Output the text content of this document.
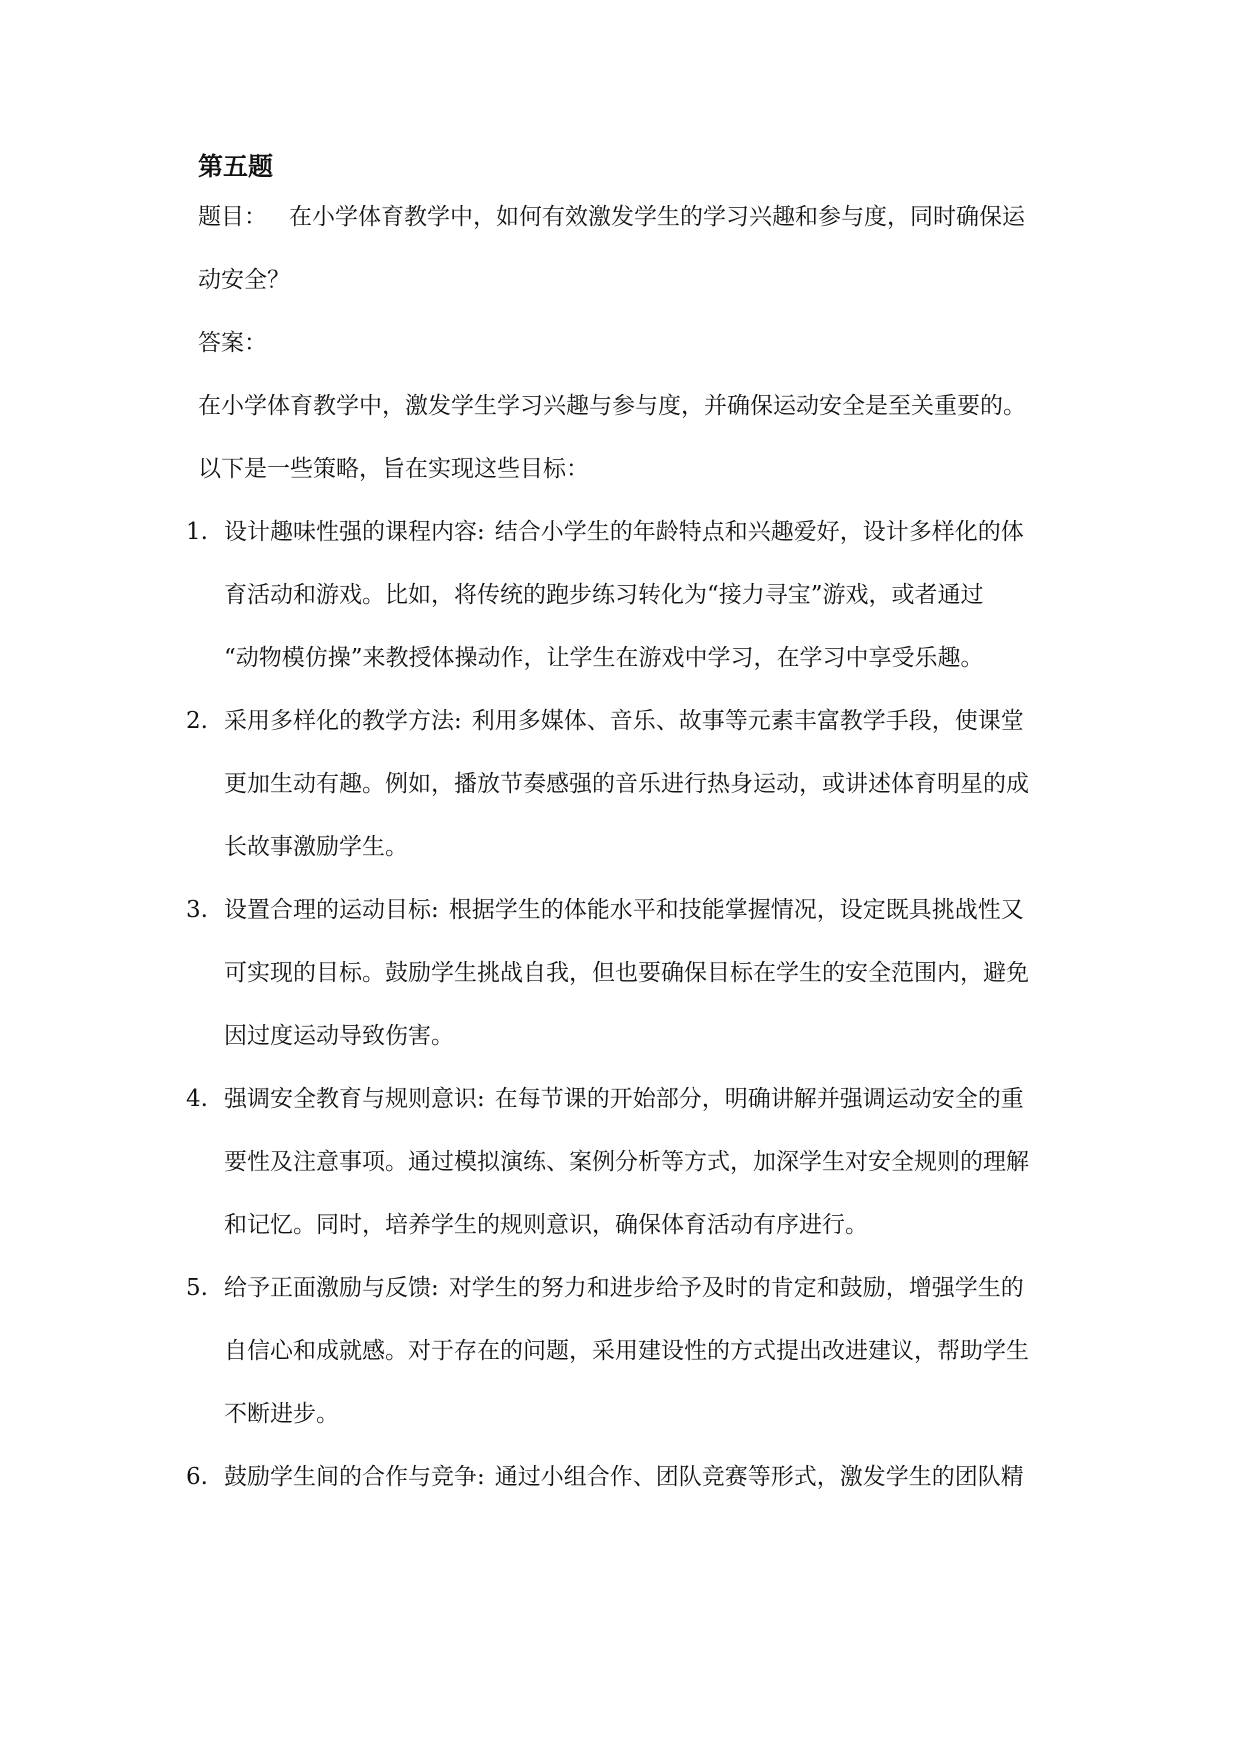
第五题

题目： 在小学体育教学中，如何有效激发学生的学习兴趣和参与度，同时确保运

动安全？

答案：

在小学体育教学中，激发学生学习兴趣与参与度，并确保运动安全是至关重要的。

以下是一些策略，旨在实现这些目标：

1. 设计趣味性强的课程内容: 结合小学生的年龄特点和兴趣爱好，设计多样化的体
育活动和游戏。比如，将传统的跑步练习转化为“接力寻宝”游戏，或者通过
“动物模仿操”来教授体操动作，让学生在游戏中学习，在学习中享受乐趣。
2. 采用多样化的教学方法: 利用多媒体、音乐、故事等元素丰富教学手段，使课堂
更加生动有趣。例如，播放节奏感强的音乐进行热身运动，或讲述体育明星的成
长故事激励学生。
3. 设置合理的运动目标: 根据学生的体能水平和技能掌握情况，设定既具挑战性又
可实现的目标。鼓励学生挑战自我，但也要确保目标在学生的安全范围内，避免
因过度运动导致伤害。
4. 强调安全教育与规则意识: 在每节课的开始部分，明确讲解并强调运动安全的重
要性及注意事项。通过模拟演练、案例分析等方式，加深学生对安全规则的理解
和记忆。同时，培养学生的规则意识，确保体育活动有序进行。
5. 给予正面激励与反馈: 对学生的努力和进步给予及时的肯定和鼓励，增强学生的
自信心和成就感。对于存在的问题，采用建设性的方式提出改进建议，帮助学生
不断进步。
6. 鼓励学生间的合作与竞争: 通过小组合作、团队竞赛等形式，激发学生的团队精
